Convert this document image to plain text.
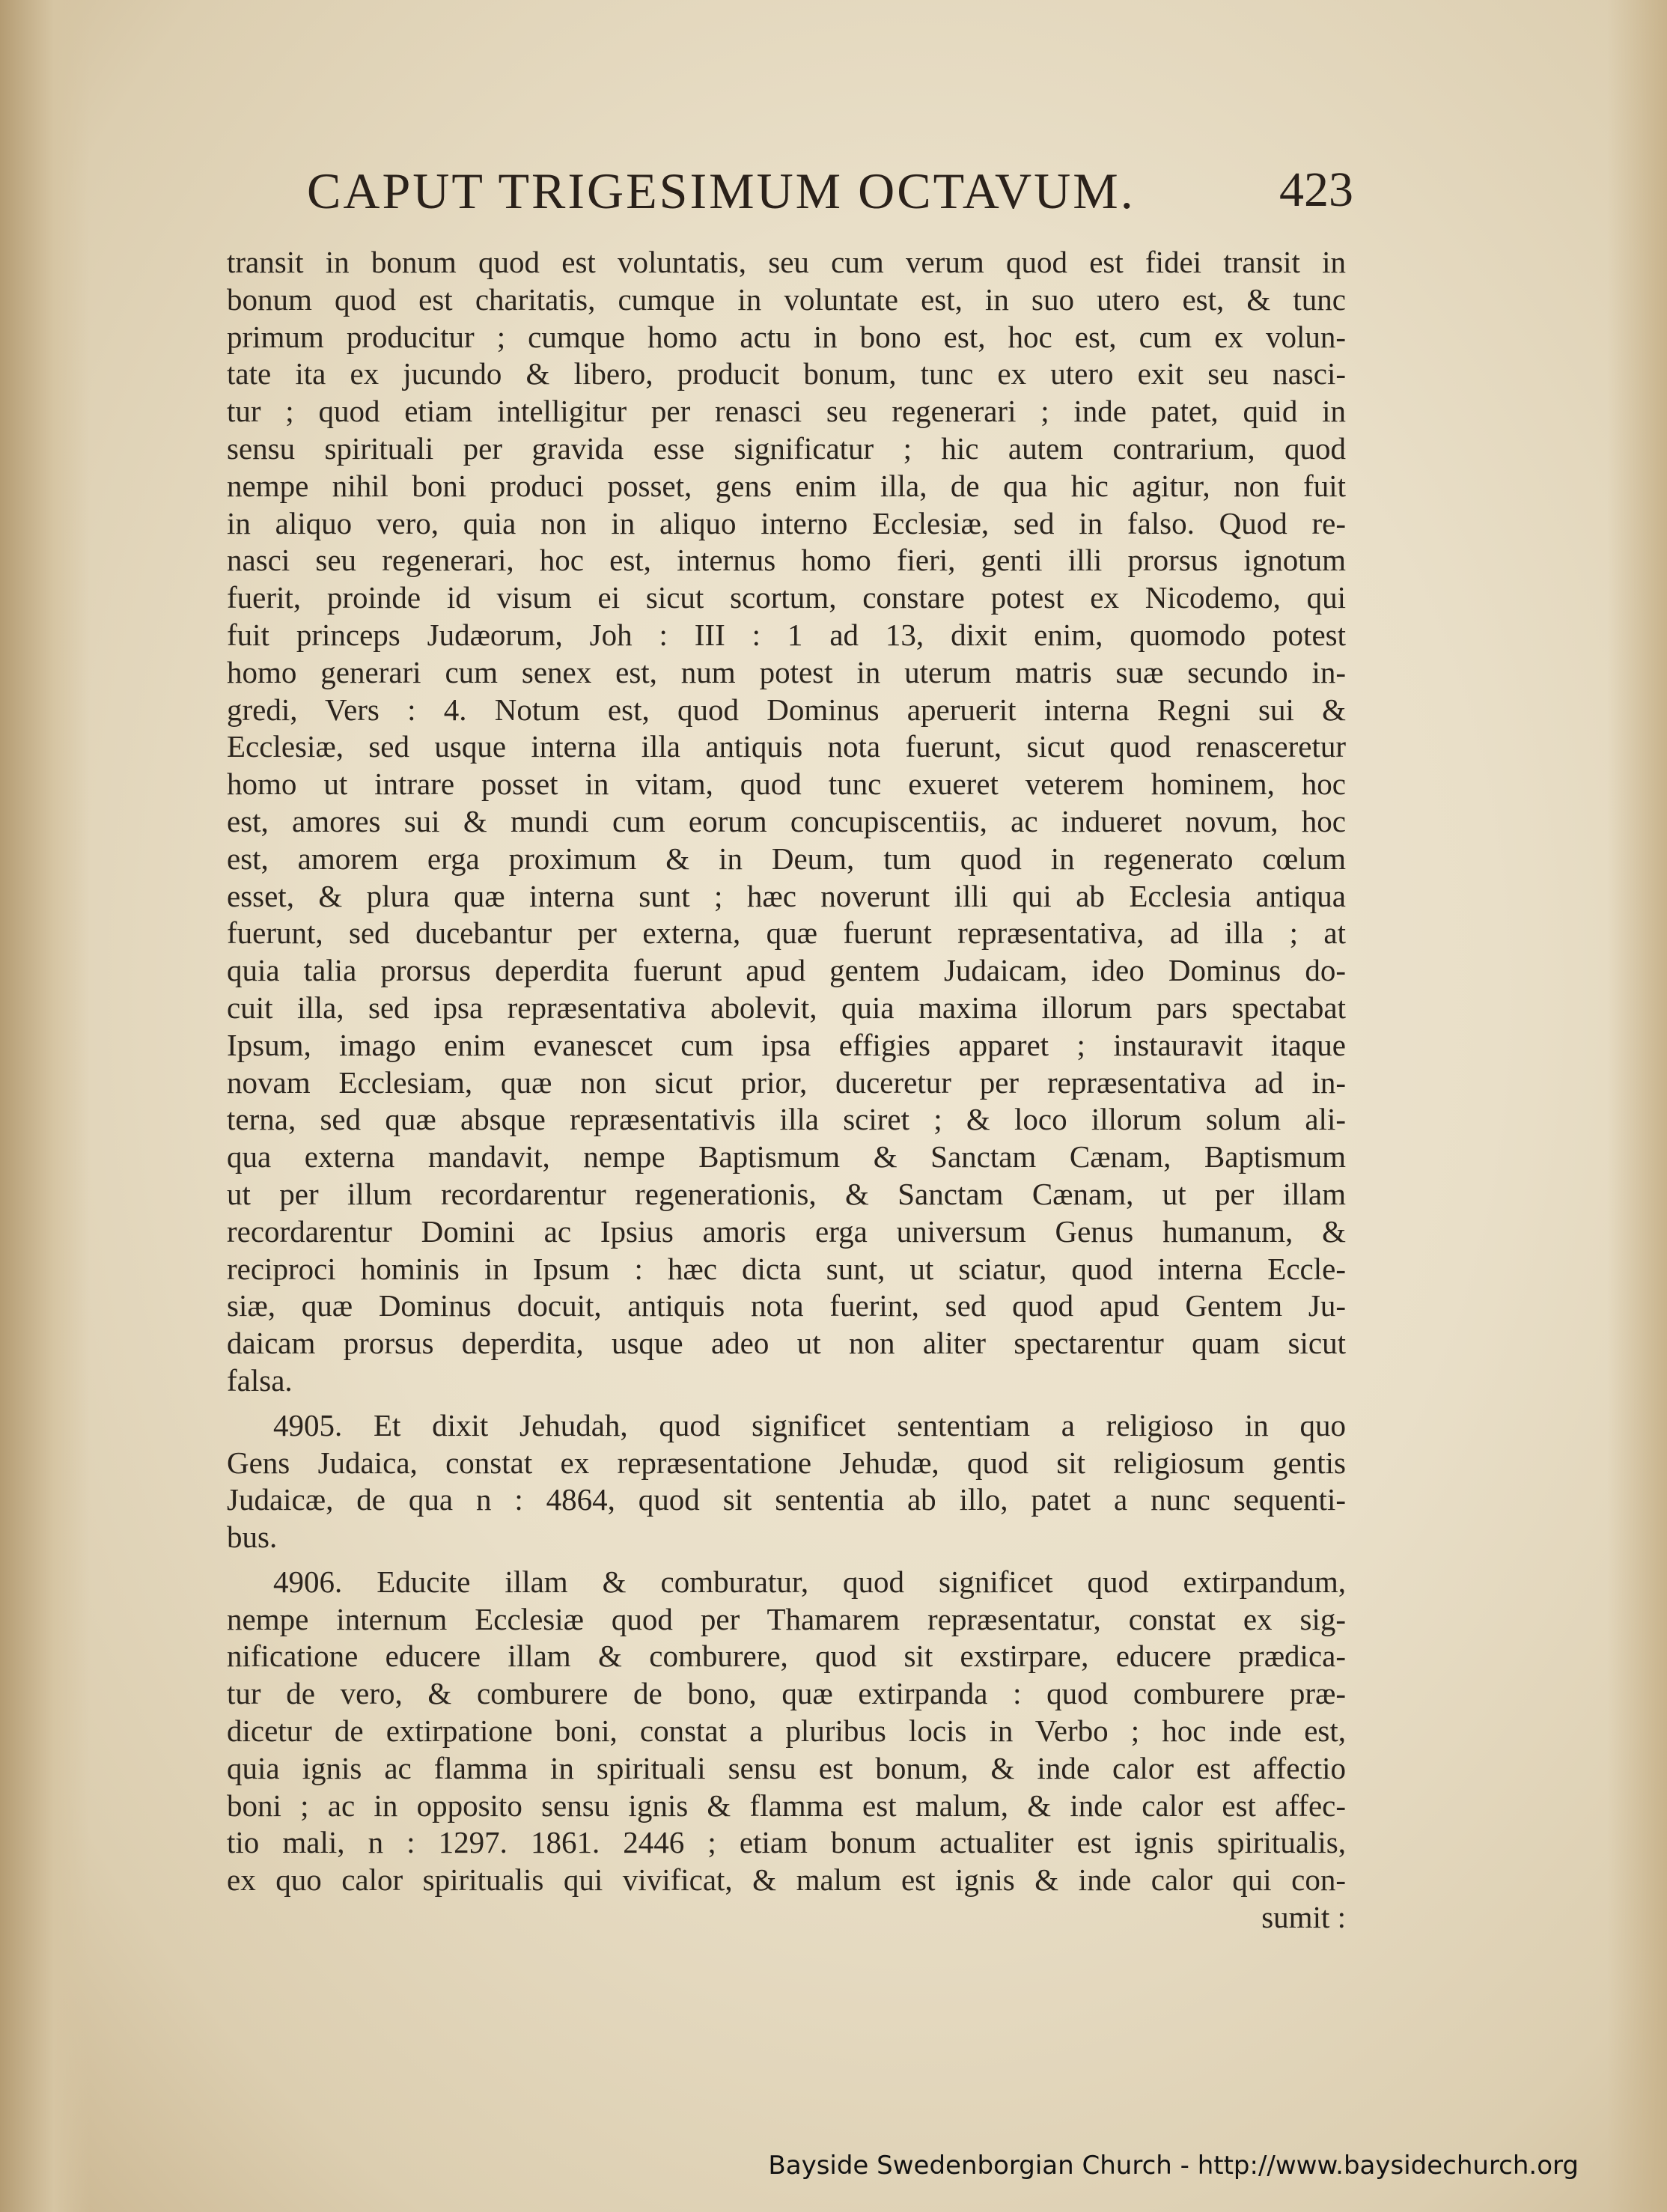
CAPUT TRIGESIMUM OCTAVUM.	423
transit in bonum quod est voluntatis, seu cum verum quod est fidei transit in
bonum quod est charitatis, cumque in voluntate est, in suo utero est, & tunc
primum producitur ; cumque homo actu in bono est, hoc est, cum ex volun-
tate ita ex jucundo & libero, producit bonum, tunc ex utero exit seu nasci-
tur ; quod etiam intelligitur per renasci seu regenerari ; inde patet, quid in
sensu spirituali per gravida esse significatur ; hic autem contrarium, quod
nempe nihil boni produci posset, gens enim illa, de qua hic agitur, non fuit
in aliquo vero, quia non in aliquo interno Ecclesiæ, sed in falso. Quod re-
nasci seu regenerari, hoc est, internus homo fieri, genti illi prorsus ignotum
fuerit, proinde id visum ei sicut scortum, constare potest ex Nicodemo, qui
fuit princeps Judæorum, Joh : III : 1 ad 13, dixit enim, quomodo potest
homo generari cum senex est, num potest in uterum matris suæ secundo in-
gredi, Vers : 4. Notum est, quod Dominus aperuerit interna Regni sui &
Ecclesiæ, sed usque interna illa antiquis nota fuerunt, sicut quod renasceretur
homo ut intrare posset in vitam, quod tunc exueret veterem hominem, hoc
est, amores sui & mundi cum eorum concupiscentiis, ac indueret novum, hoc
est, amorem erga proximum & in Deum, tum quod in regenerato cœlum
esset, & plura quæ interna sunt ; hæc noverunt illi qui ab Ecclesia antiqua
fuerunt, sed ducebantur per externa, quæ fuerunt repræsentativa, ad illa ; at
quia talia prorsus deperdita fuerunt apud gentem Judaicam, ideo Dominus do-
cuit illa, sed ipsa repræsentativa abolevit, quia maxima illorum pars spectabat
Ipsum, imago enim evanescet cum ipsa effigies apparet ; instauravit itaque
novam Ecclesiam, quæ non sicut prior, duceretur per repræsentativa ad in-
terna, sed quæ absque repræsentativis illa sciret ; & loco illorum solum ali-
qua externa mandavit, nempe Baptismum & Sanctam Cænam, Baptismum
ut per illum recordarentur regenerationis, & Sanctam Cænam, ut per illam
recordarentur Domini ac Ipsius amoris erga universum Genus humanum, &
reciproci hominis in Ipsum : hæc dicta sunt, ut sciatur, quod interna Eccle-
siæ, quæ Dominus docuit, antiquis nota fuerint, sed quod apud Gentem Ju-
daicam prorsus deperdita, usque adeo ut non aliter spectarentur quam sicut
falsa.
4905. Et dixit Jehudah, quod significet sententiam a religioso in quo
Gens Judaica, constat ex repræsentatione Jehudæ, quod sit religiosum gentis
Judaicæ, de qua n : 4864, quod sit sententia ab illo, patet a nunc sequenti-
bus.
4906. Educite illam & comburatur, quod significet quod extirpandum,
nempe internum Ecclesiæ quod per Thamarem repræsentatur, constat ex sig-
nificatione educere illam & comburere, quod sit exstirpare, educere prædica-
tur de vero, & comburere de bono, quæ extirpanda : quod comburere præ-
dicetur de extirpatione boni, constat a pluribus locis in Verbo ; hoc inde est,
quia ignis ac flamma in spirituali sensu est bonum, & inde calor est affectio
boni ; ac in opposito sensu ignis & flamma est malum, & inde calor est affec-
tio mali, n : 1297. 1861. 2446 ; etiam bonum actualiter est ignis spiritualis,
ex quo calor spiritualis qui vivificat, & malum est ignis & inde calor qui con-
sumit :
Bayside Swedenborgian Church - http://www.baysidechurch.org
